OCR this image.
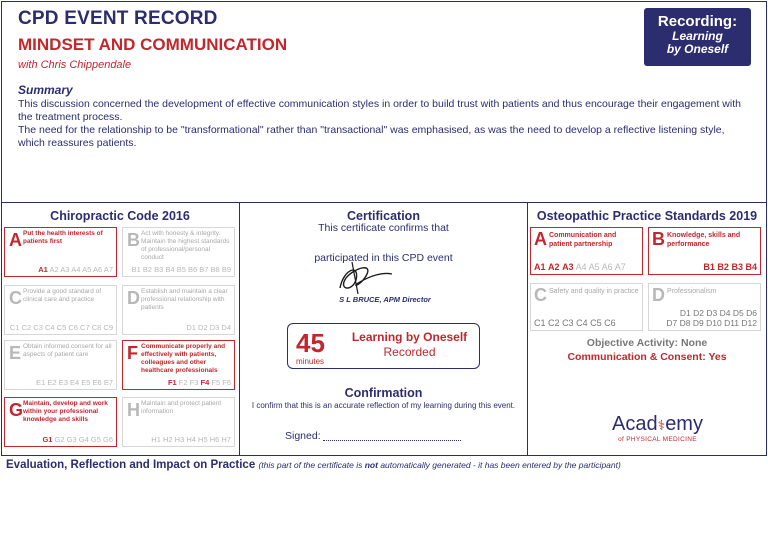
CPD EVENT RECORD
MINDSET AND COMMUNICATION
with Chris Chippendale
Recording:
Learning
by Oneself
Summary
This discussion concerned the development of effective communication styles in order to build trust with patients and thus encourage their engagement with the treatment process.
The need for the relationship to be "transformational" rather than "transactional" was emphasised, as was the need to develop a reflective listening style, which reassures patients.
Chiropractic Code 2016
A Put the health interests of patients first
A1 A2 A3 A4 A5 A6 A7
B Act with honesty & integrity. Maintain the highest standards of professional/personal conduct
B1 B2 B3 B4 B5 B6 B7 B8 B9
C Provide a good standard of clinical care and practice
C1 C2 C3 C4 C5 C6 C7 C8 C9
D Establish and maintain a clear professional relationship with patients
D1 D2 D3 D4
E Obtain informed consent for all aspects of patient care
E1 E2 E3 E4 E5 E6 E7
F Communicate properly and effectively with patients, colleagues and other healthcare professionals
F1 F2 F3 F4 F5 F6
G Maintain, develop and work within your professional knowledge and skills
G1 G2 G3 G4 G5 G6
H Maintain and protect patient information
H1 H2 H3 H4 H5 H6 H7
Certification
This certificate confirms that
participated in this CPD event
S L BRUCE, APM Director
45
minutes
Learning by Oneself
Recorded
Confirmation
I confirm that this is an accurate reflection of my learning during this event.
Signed:
Osteopathic Practice Standards 2019
A Communication and patient partnership
A1 A2 A3 A4 A5 A6 A7
B Knowledge, skills and performance
B1 B2 B3 B4
C Safety and quality in practice
C1 C2 C3 C4 C5 C6
D Professionalism
D1 D2 D3 D4 D5 D6
D7 D8 D9 D10 D11 D12
Objective Activity: None
Communication & Consent: Yes
Acad⚕emy
of PHYSICAL MEDICINE
Evaluation, Reflection and Impact on Practice (this part of the certificate is not automatically generated - it has been entered by the participant)
